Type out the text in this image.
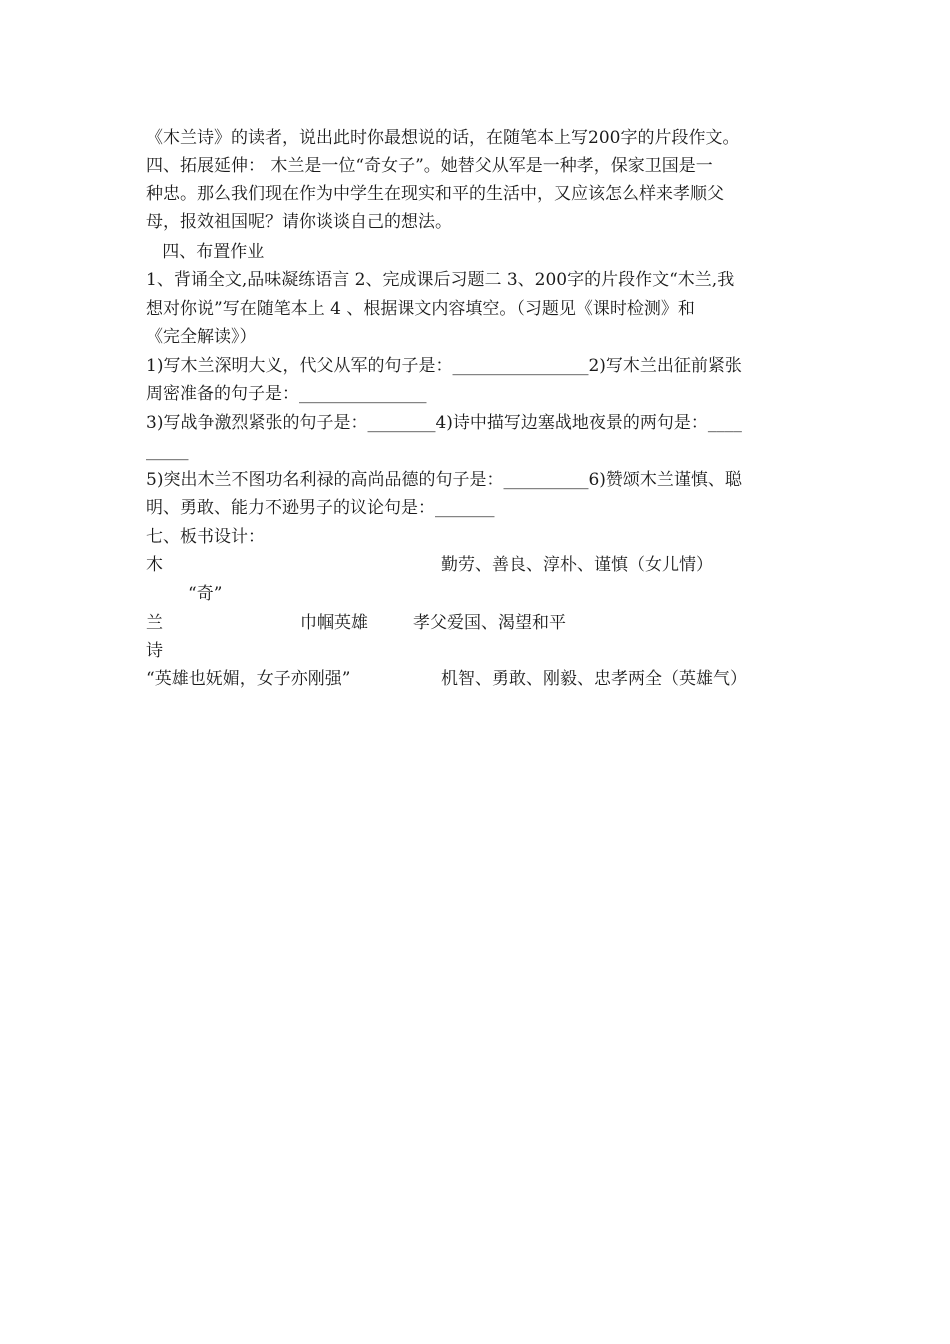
《木兰诗》的读者，说出此时你最想说的话，在随笔本上写200字的片段作文。
四、拓展延伸： 木兰是一位“奇女子”。她替父从军是一种孝，保家卫国是一
种忠。那么我们现在作为中学生在现实和平的生活中，又应该怎么样来孝顺父
母，报效祖国呢？请你谈谈自己的想法。
四、布置作业
1、背诵全文,品味凝练语言 2、完成课后习题二 3、200字的片段作文“木兰,我
想对你说”写在随笔本上 4 、根据课文内容填空。（习题见《课时检测》和
《完全解读》）
1)写木兰深明大义，代父从军的句子是：________________2)写木兰出征前紧张
周密准备的句子是：_______________
3)写战争激烈紧张的句子是：________4)诗中描写边塞战地夜景的两句是：____
_____
5)突出木兰不图功名利禄的高尚品德的句子是：__________6)赞颂木兰谨慎、聪
明、勇敢、能力不逊男子的议论句是：_______
七、板书设计：
木	勤劳、善良、淳朴、谨慎（女儿情）
“奇”
兰	巾帼英雄	孝父爱国、渴望和平
诗
“英雄也妩媚，女子亦刚强”	机智、勇敢、刚毅、忠孝两全（英雄气）
